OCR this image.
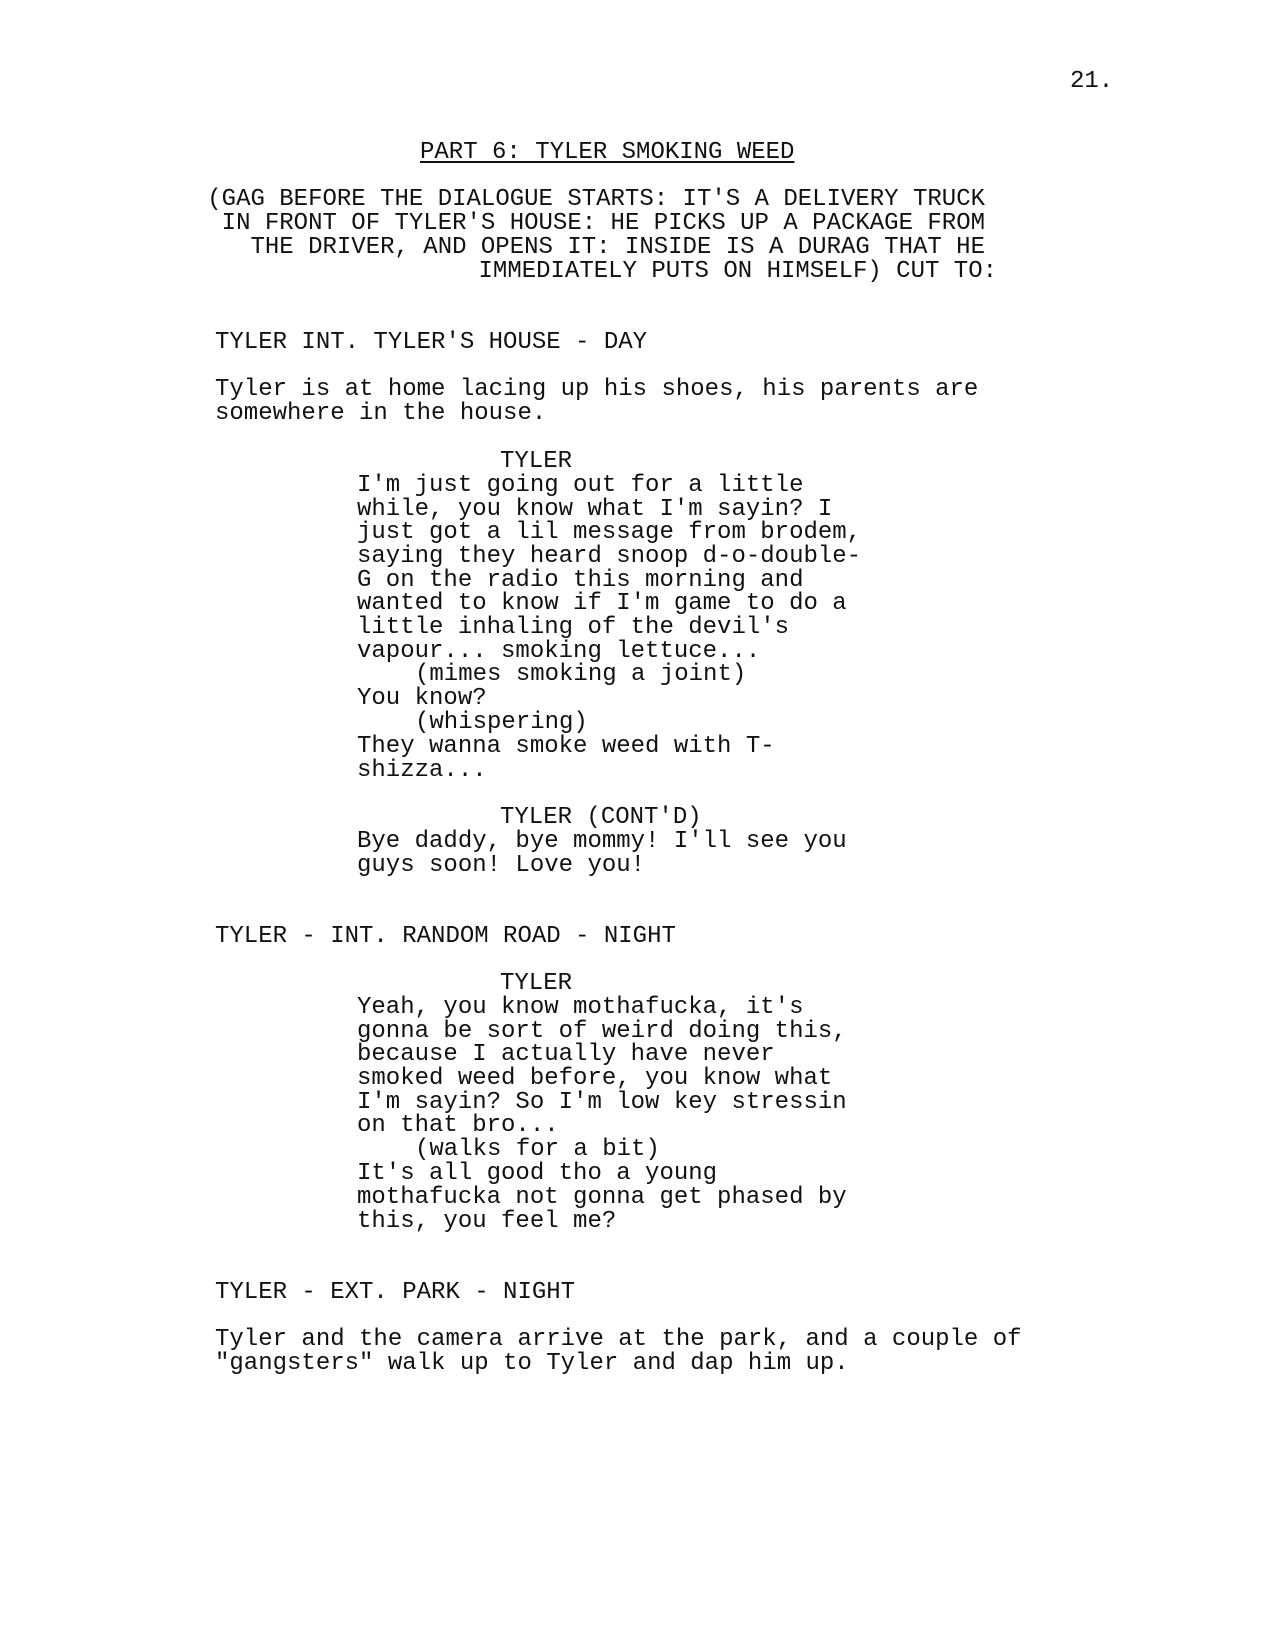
21.
PART 6: TYLER SMOKING WEED
(GAG BEFORE THE DIALOGUE STARTS: IT'S A DELIVERY TRUCK
IN FRONT OF TYLER'S HOUSE: HE PICKS UP A PACKAGE FROM
THE DRIVER, AND OPENS IT: INSIDE IS A DURAG THAT HE
IMMEDIATELY PUTS ON HIMSELF) CUT TO:
TYLER INT. TYLER'S HOUSE - DAY
Tyler is at home lacing up his shoes, his parents are
somewhere in the house.
TYLER
I'm just going out for a little
while, you know what I'm sayin? I
just got a lil message from brodem,
saying they heard snoop d-o-double-
G on the radio this morning and
wanted to know if I'm game to do a
little inhaling of the devil's
vapour... smoking lettuce...
(mimes smoking a joint)
You know?
(whispering)
They wanna smoke weed with T-
shizza...
TYLER (CONT'D)
Bye daddy, bye mommy! I'll see you
guys soon! Love you!
TYLER - INT. RANDOM ROAD - NIGHT
TYLER
Yeah, you know mothafucka, it's
gonna be sort of weird doing this,
because I actually have never
smoked weed before, you know what
I'm sayin? So I'm low key stressin
on that bro...
(walks for a bit)
It's all good tho a young
mothafucka not gonna get phased by
this, you feel me?
TYLER - EXT. PARK - NIGHT
Tyler and the camera arrive at the park, and a couple of
"gangsters" walk up to Tyler and dap him up.
